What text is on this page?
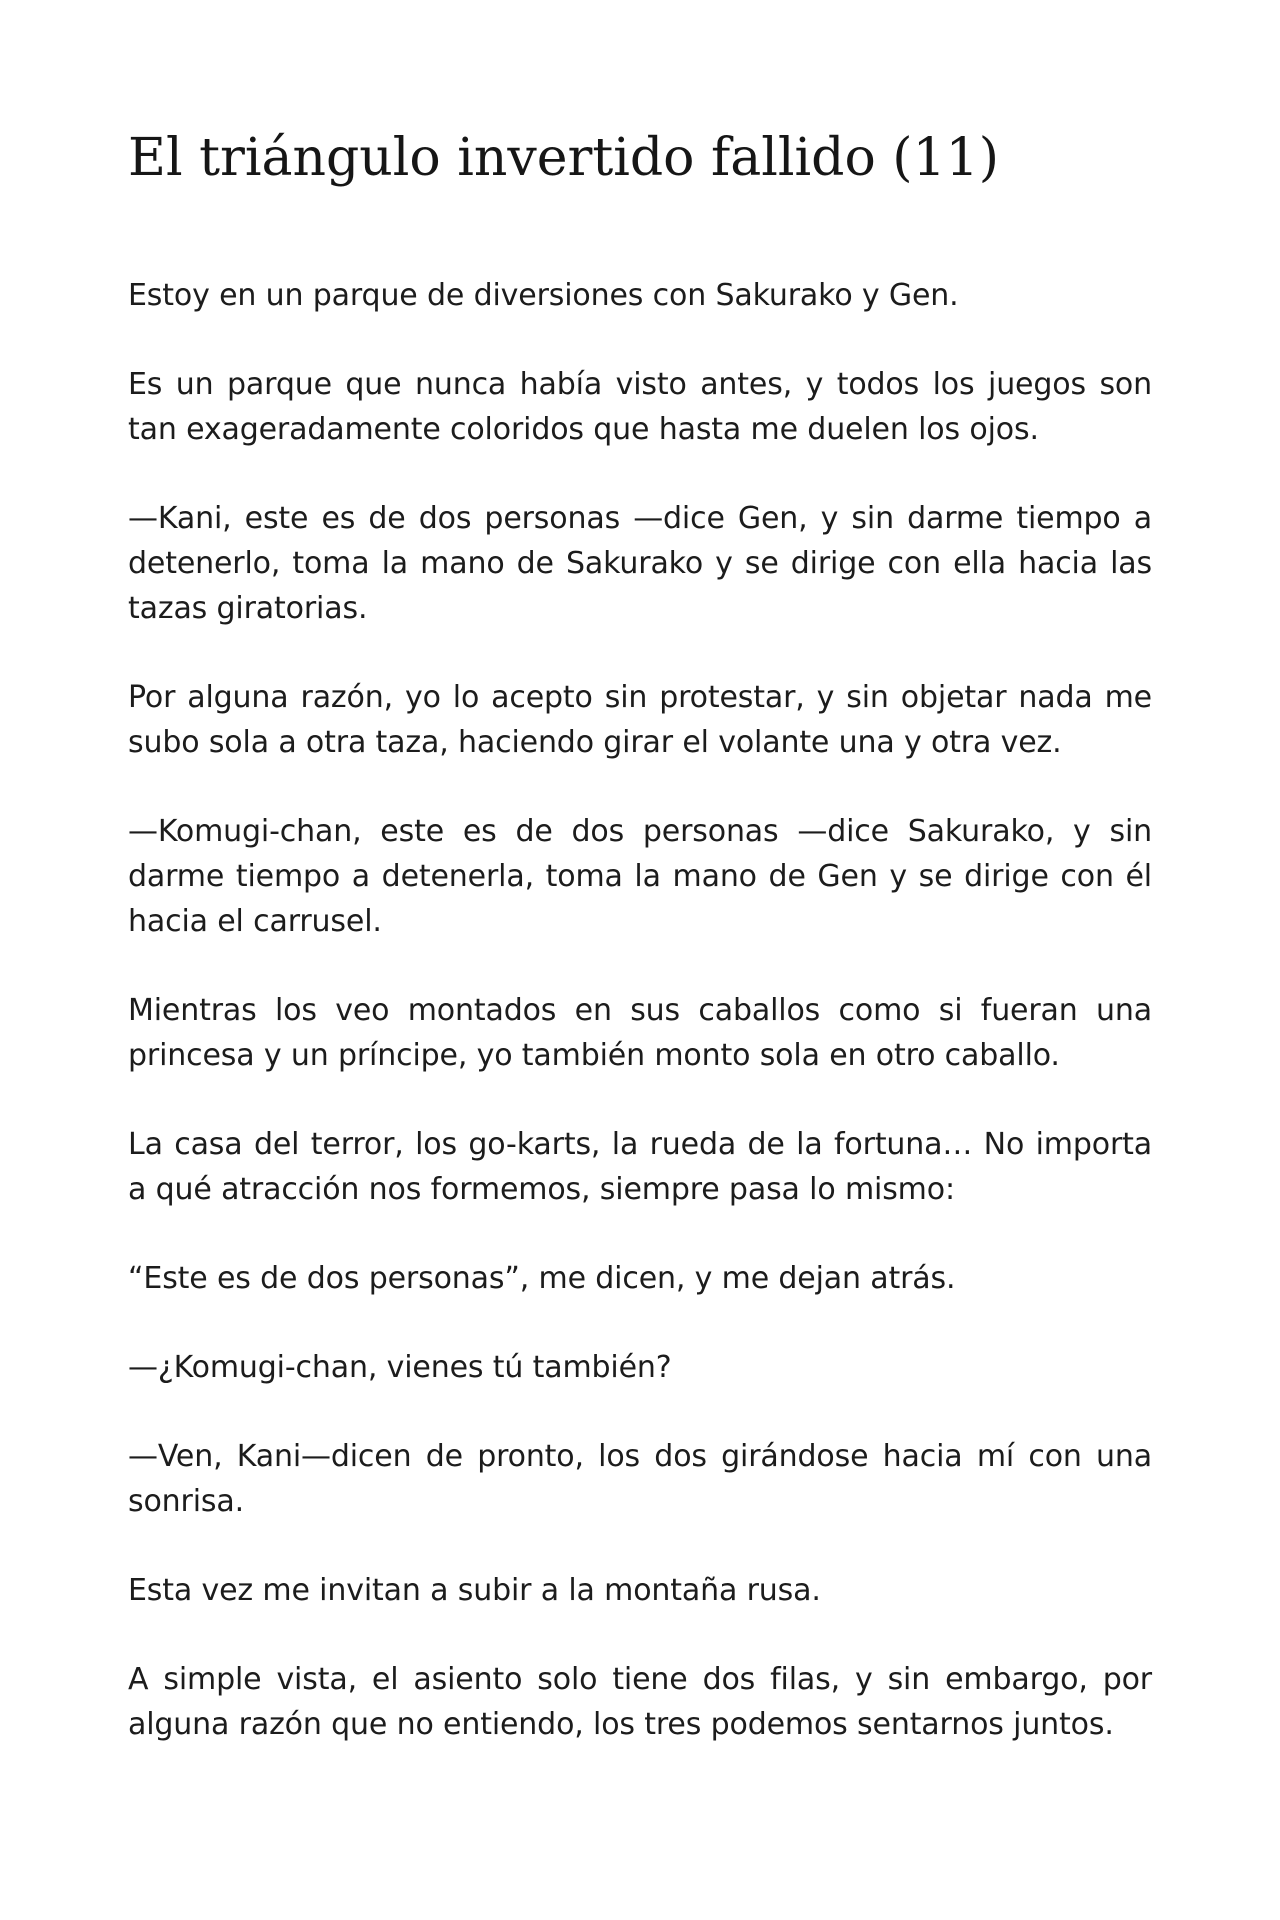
El triángulo invertido fallido (11)

Estoy en un parque de diversiones con Sakurako y Gen.

Es un parque que nunca había visto antes, y todos los juegos son tan exageradamente coloridos que hasta me duelen los ojos.

—Kani, este es de dos personas —dice Gen, y sin darme tiempo a detenerlo, toma la mano de Sakurako y se dirige con ella hacia las tazas giratorias.

Por alguna razón, yo lo acepto sin protestar, y sin objetar nada me subo sola a otra taza, haciendo girar el volante una y otra vez.

—Komugi-chan, este es de dos personas —dice Sakurako, y sin darme tiempo a detenerla, toma la mano de Gen y se dirige con él hacia el carrusel.

Mientras los veo montados en sus caballos como si fueran una princesa y un príncipe, yo también monto sola en otro caballo.

La casa del terror, los go-karts, la rueda de la fortuna… No importa a qué atracción nos formemos, siempre pasa lo mismo:

“Este es de dos personas”, me dicen, y me dejan atrás.

—¿Komugi-chan, vienes tú también?

—Ven, Kani—dicen de pronto, los dos girándose hacia mí con una sonrisa.

Esta vez me invitan a subir a la montaña rusa.

A simple vista, el asiento solo tiene dos filas, y sin embargo, por alguna razón que no entiendo, los tres podemos sentarnos juntos.
